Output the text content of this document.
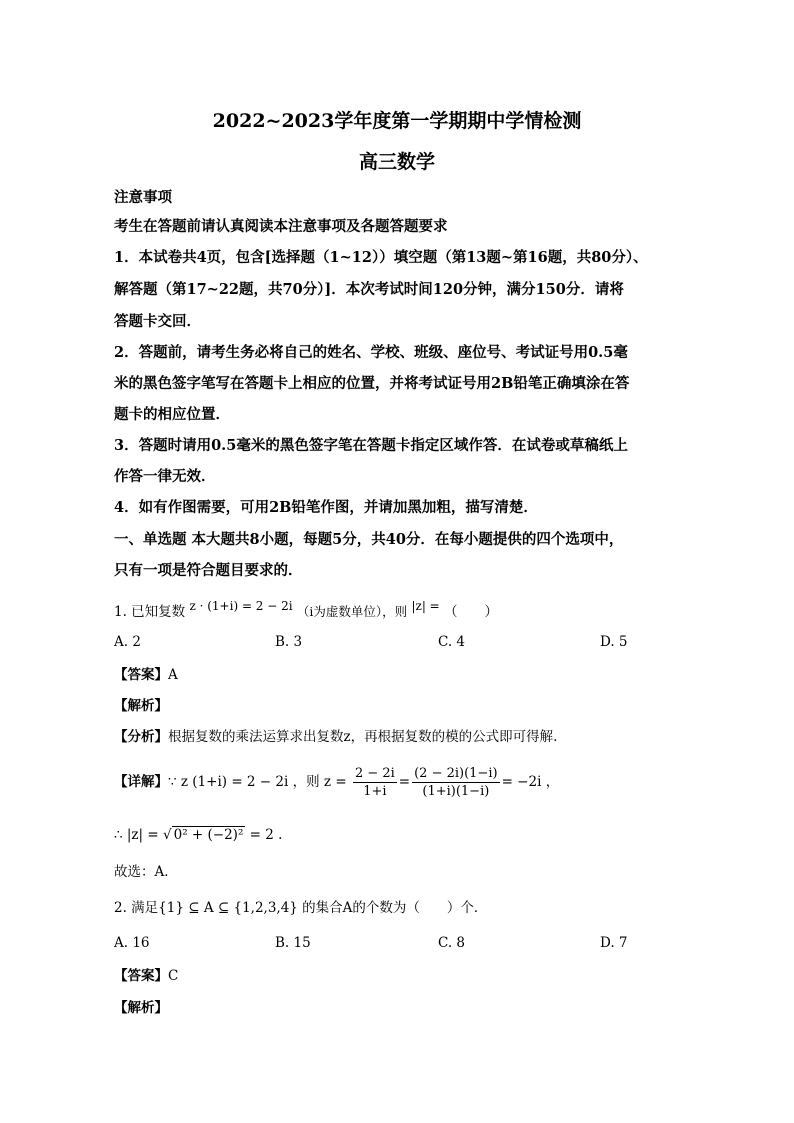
2022~2023学年度第一学期期中学情检测
高三数学
注意事项
考生在答题前请认真阅读本注意事项及各题答题要求
1．本试卷共4页，包含[选择题（1~12））填空题（第13题~第16题，共80分）、
解答题（第17~22题，共70分）]．本次考试时间120分钟，满分150分．请将
答题卡交回．
2．答题前，请考生务必将自己的姓名、学校、班级、座位号、考试证号用0.5毫
米的黑色签字笔写在答题卡上相应的位置，并将考试证号用2B铅笔正确填涂在答
题卡的相应位置．
3．答题时请用0.5毫米的黑色签字笔在答题卡指定区域作答．在试卷或草稿纸上
作答一律无效．
4．如有作图需要，可用2B铅笔作图，并请加黑加粗，描写清楚．
一、单选题 本大题共8小题，每题5分，共40分．在每小题提供的四个选项中，
只有一项是符合题目要求的．
1. 已知复数 z · (1+i) = 2 − 2i （i为虚数单位），则 |z| = （　　）
A. 2	B. 3	C. 4	D. 5
【答案】A
【解析】
【分析】根据复数的乘法运算求出复数z，再根据复数的模的公式即可得解.
【详解】∵ z (1+i) = 2 − 2i ，则 $z = \frac{2 - 2i}{1+i} = \frac{(2 - 2i)(1-i)}{(1+i)(1-i)} = -2i$ ，
∴ |z| = √ 0² + (−2)² = 2 .
故选：A．
2. 满足{1} ⊆ A ⊆ {1,2,3,4} 的集合A的个数为（　　）个．
A. 16	B. 15	C. 8	D. 7
【答案】C
【解析】
